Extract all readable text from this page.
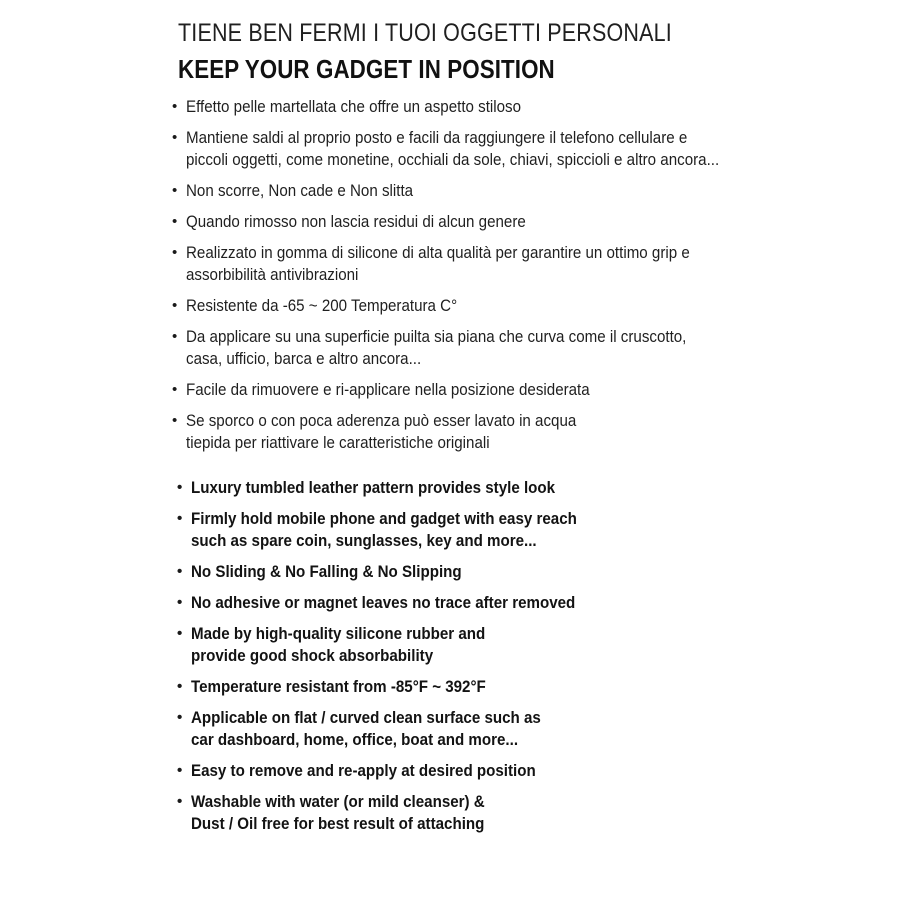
TIENE BEN FERMI I TUOI OGGETTI PERSONALI
KEEP YOUR GADGET IN POSITION
• Effetto pelle martellata che offre un aspetto stiloso
• Mantiene saldi al proprio posto e facili da raggiungere il telefono cellulare e
piccoli oggetti, come monetine, occhiali da sole, chiavi, spiccioli e altro ancora...
• Non scorre, Non cade e Non slitta
• Quando rimosso non lascia residui di alcun genere
• Realizzato in gomma di silicone di alta qualità per garantire un ottimo grip e
assorbibilità antivibrazioni
• Resistente da -65 ~ 200 Temperatura C°
• Da applicare su una superficie puilta sia piana che curva come il cruscotto,
casa, ufficio, barca e altro ancora...
• Facile da rimuovere e ri-applicare nella posizione desiderata
• Se sporco o con poca aderenza può esser lavato in acqua
tiepida per riattivare le caratteristiche originali
• Luxury tumbled leather pattern provides style look
• Firmly hold mobile phone and gadget with easy reach
such as spare coin, sunglasses, key and more...
• No Sliding & No Falling & No Slipping
• No adhesive or magnet leaves no trace after removed
• Made by high-quality silicone rubber and
provide good shock absorbability
• Temperature resistant from -85°F ~ 392°F
• Applicable on flat / curved clean surface such as
car dashboard, home, office, boat and more...
• Easy to remove and re-apply at desired position
• Washable with water (or mild cleanser) &
Dust / Oil free for best result of attaching
